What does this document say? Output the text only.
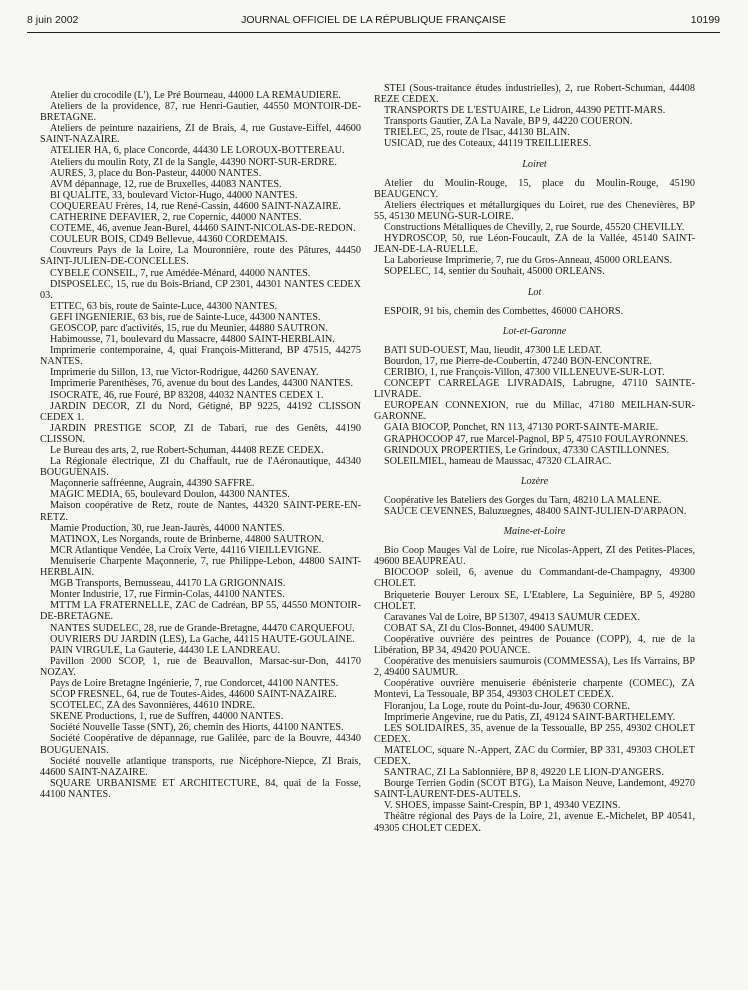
8 juin 2002	JOURNAL OFFICIEL DE LA RÉPUBLIQUE FRANÇAISE	10199

Atelier du crocodile (L'), Le Pré Bourneau, 44000 LA REMAUDIERE.

Ateliers de la providence, 87, rue Henri-Gautier, 44550 MONTOIR-DE-BRETAGNE.

Ateliers de peinture nazairiens, ZI de Brais, 4, rue Gustave-Eiffel, 44600 SAINT-NAZAIRE.

ATELIER HA, 6, place Concorde, 44430 LE LOROUX-BOTTEREAU.

Ateliers du moulin Roty, ZI de la Sangle, 44390 NORT-SUR-ERDRE.

AURES, 3, place du Bon-Pasteur, 44000 NANTES.

AVM dépannage, 12, rue de Bruxelles, 44083 NANTES.

BI QUALITE, 33, boulevard Victor-Hugo, 44000 NANTES.

COQUEREAU Frères, 14, rue René-Cassin, 44600 SAINT-NAZAIRE.

CATHERINE DEFAVIER, 2, rue Copernic, 44000 NANTES.

COTEME, 46, avenue Jean-Burel, 44460 SAINT-NICOLAS-DE-REDON.

COULEUR BOIS, CD49 Bellevue, 44360 CORDEMAIS.

Couvreurs Pays de la Loire, La Mouronnière, route des Pâtures, 44450 SAINT-JULIEN-DE-CONCELLES.

CYBELE CONSEIL, 7, rue Amédée-Ménard, 44000 NANTES.

DISPOSELEC, 15, rue du Bois-Briand, CP 2301, 44301 NANTES CEDEX 03.

ETTEC, 63 bis, route de Sainte-Luce, 44300 NANTES.

GEFI INGENIERIE, 63 bis, rue de Sainte-Luce, 44300 NANTES.

GEOSCOP, parc d'activités, 15, rue du Meunier, 44880 SAUTRON.

Habimousse, 71, boulevard du Massacre, 44800 SAINT-HERBLAIN.

Imprimerie contemporaine, 4, quai François-Mitterand, BP 47515, 44275 NANTES.

Imprimerie du Sillon, 13, rue Victor-Rodrigue, 44260 SAVENAY.

Imprimerie Parenthèses, 76, avenue du bout des Landes, 44300 NANTES.

ISOCRATE, 46, rue Fouré, BP 83208, 44032 NANTES CEDEX 1.

JARDIN DECOR, ZI du Nord, Gétigné, BP 9225, 44192 CLISSON CEDEX 1.

JARDIN PRESTIGE SCOP, ZI de Tabari, rue des Genêts, 44190 CLISSON.

Le Bureau des arts, 2, rue Robert-Schuman, 44408 REZE CEDEX.

La Régionale électrique, ZI du Chaffault, rue de l'Aéronautique, 44340 BOUGUENAIS.

Maçonnerie saffréenne, Augrain, 44390 SAFFRE.

MAGIC MEDIA, 65, boulevard Doulon, 44300 NANTES.

Maison coopérative de Retz, route de Nantes, 44320 SAINT-PERE-EN-RETZ.

Mamie Production, 30, rue Jean-Jaurès, 44000 NANTES.

MATINOX, Les Norgands, route de Brinberne, 44800 SAUTRON.

MCR Atlantique Vendée, La Croix Verte, 44116 VIEILLEVIGNE.

Menuiserie Charpente Maçonnerie, 7, rue Philippe-Lebon, 44800 SAINT-HERBLAIN.

MGB Transports, Bernusseau, 44170 LA GRIGONNAIS.

Monter Industrie, 17, rue Firmin-Colas, 44100 NANTES.

MTTM LA FRATERNELLE, ZAC de Cadréan, BP 55, 44550 MONTOIR-DE-BRETAGNE.

NANTES SUDELEC, 28, rue de Grande-Bretagne, 44470 CARQUEFOU.

OUVRIERS DU JARDIN (LES), La Gache, 44115 HAUTE-GOULAINE.

PAIN VIRGULE, La Gauterie, 44430 LE LANDREAU.

Pavillon 2000 SCOP, 1, rue de Beauvallon, Marsac-sur-Don, 44170 NOZAY.

Pays de Loire Bretagne Ingénierie, 7, rue Condorcet, 44100 NANTES.

SCOP FRESNEL, 64, rue de Toutes-Aides, 44600 SAINT-NAZAIRE.

SCOTELEC, ZA des Savonnières, 44610 INDRE.

SKENE Productions, 1, rue de Suffren, 44000 NANTES.

Société Nouvelle Tasse (SNT), 26, chemin des Hiorts, 44100 NANTES.

Société Coopérative de dépannage, rue Galilée, parc de la Bouvre, 44340 BOUGUENAIS.

Société nouvelle atlantique transports, rue Nicéphore-Niepce, ZI Brais, 44600 SAINT-NAZAIRE.

SQUARE URBANISME ET ARCHITECTURE, 84, quai de la Fosse, 44100 NANTES.

STEI (Sous-traitance études industrielles), 2, rue Robert-Schuman, 44408 REZE CEDEX.

TRANSPORTS DE L'ESTUAIRE, Le Lidron, 44390 PETIT-MARS.

Transports Gautier, ZA La Navale, BP 9, 44220 COUERON.

TRIELEC, 25, route de l'Isac, 44130 BLAIN.

USICAD, rue des Coteaux, 44119 TREILLIERES.

Loiret

Atelier du Moulin-Rouge, 15, place du Moulin-Rouge, 45190 BEAUGENCY.

Ateliers électriques et métallurgiques du Loiret, rue des Chenevières, BP 55, 45130 MEUNG-SUR-LOIRE.

Constructions Métalliques de Chevilly, 2, rue Sourde, 45520 CHEVILLY.

HYDROSCOP, 50, rue Léon-Foucault, ZA de la Vallée, 45140 SAINT-JEAN-DE-LA-RUELLE.

La Laborieuse Imprimerie, 7, rue du Gros-Anneau, 45000 ORLEANS.

SOPELEC, 14, sentier du Souhait, 45000 ORLEANS.

Lot

ESPOIR, 91 bis, chemin des Combettes, 46000 CAHORS.

Lot-et-Garonne

BATI SUD-OUEST, Mau, lieudit, 47300 LE LEDAT.

Bourdon, 17, rue Pierre-de-Coubertin, 47240 BON-ENCONTRE.

CERIBIO, 1, rue François-Villon, 47300 VILLENEUVE-SUR-LOT.

CONCEPT CARRELAGE LIVRADAIS, Labrugne, 47110 SAINTE-LIVRADE.

EUROPEAN CONNEXION, rue du Millac, 47180 MEILHAN-SUR-GARONNE.

GAIA BIOCOP, Ponchet, RN 113, 47130 PORT-SAINTE-MARIE.

GRAPHOCOOP 47, rue Marcel-Pagnol, BP 5, 47510 FOULAYRONNES.

GRINDOUX PROPERTIES, Le Grindoux, 47330 CASTILLONNES.

SOLEILMIEL, hameau de Maussac, 47320 CLAIRAC.

Lozère

Coopérative les Bateliers des Gorges du Tarn, 48210 LA MALENE.

SAUCE CEVENNES, Baluzuegnes, 48400 SAINT-JULIEN-D'ARPAON.

Maine-et-Loire

Bio Coop Mauges Val de Loire, rue Nicolas-Appert, ZI des Petites-Places, 49600 BEAUPREAU.

BIOCOOP soleil, 6, avenue du Commandant-de-Champagny, 49300 CHOLET.

Briqueterie Bouyer Leroux SE, L'Etablere, La Seguinière, BP 5, 49280 CHOLET.

Caravanes Val de Loire, BP 51307, 49413 SAUMUR CEDEX.

COBAT SA, ZI du Clos-Bonnet, 49400 SAUMUR.

Coopérative ouvrière des peintres de Pouance (COPP), 4, rue de la Libération, BP 34, 49420 POUANCE.

Coopérative des menuisiers saumurois (COMMESSA), Les Ifs Varrains, BP 2, 49400 SAUMUR.

Coopérative ouvrière menuiserie ébénisterie charpente (COMEC), ZA Montevi, La Tessouale, BP 354, 49303 CHOLET CEDEX.

Floranjou, La Loge, route du Point-du-Jour, 49630 CORNE.

Imprimerie Angevine, rue du Patis, ZI, 49124 SAINT-BARTHELEMY.

LES SOLIDAIRES, 35, avenue de la Tessoualle, BP 255, 49302 CHOLET CEDEX.

MATELOC, square N.-Appert, ZAC du Cormier, BP 331, 49303 CHOLET CEDEX.

SANTRAC, ZI La Sablonnière, BP 8, 49220 LE LION-D'ANGERS.

Bourge Terrien Godin (SCOT BTG), La Maison Neuve, Landemont, 49270 SAINT-LAURENT-DES-AUTELS.

V. SHOES, impasse Saint-Crespin, BP 1, 49340 VEZINS.

Théâtre régional des Pays de la Loire, 21, avenue E.-Michelet, BP 40541, 49305 CHOLET CEDEX.
